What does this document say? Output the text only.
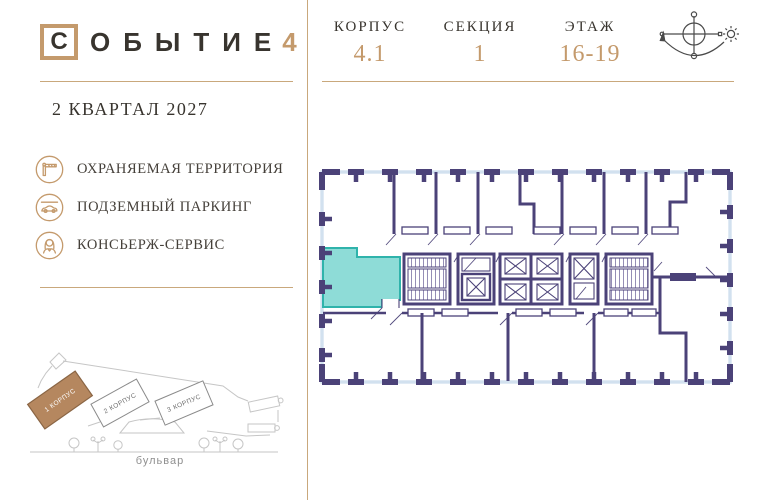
С ОБЫТИЕ
4
2 КВАРТАЛ 2027
ОХРАНЯЕМАЯ ТЕРРИТОРИЯ
ПОДЗЕМНЫЙ ПАРКИНГ
КОНСЬЕРЖ-СЕРВИС
1 КОРПУС	2 КОРПУС	3 КОРПУС
бульвар
КОРПУС
4.1
СЕКЦИЯ
1
ЭТАЖ
16-19
